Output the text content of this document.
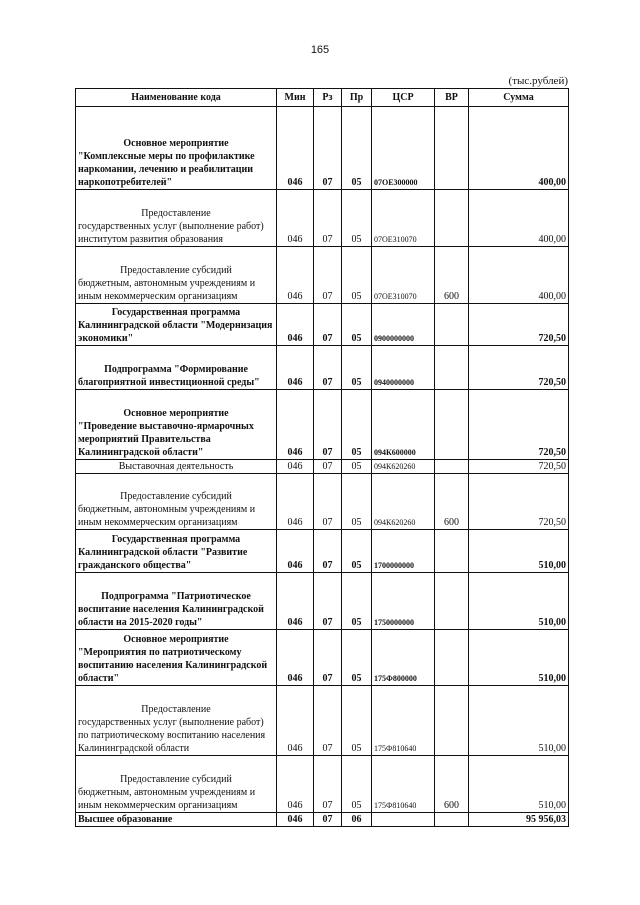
165
(тыс.рублей)
Наименование кода	Мин	Рз	Пр	ЦСР	ВР	Сумма

Основное мероприятие
"Комплексные меры по профилактике наркомании, лечению и реабилитации наркопотребителей"	046	07	05	07ОЕ300000		400,00

Предоставление
государственных услуг (выполнение работ) институтом развития образования	046	07	05	07ОЕ310070		400,00

Предоставление субсидий
бюджетным, автономным учреждениям и иным некоммерческим организациям	046	07	05	07ОЕ310070	600	400,00

Государственная программа
Калининградской области "Модернизация экономики"	046	07	05	0900000000		720,50

Подпрограмма "Формирование
благоприятной инвестиционной среды"	046	07	05	0940000000		720,50

Основное мероприятие
"Проведение выставочно-ярмарочных мероприятий Правительства Калининградской области"	046	07	05	094К600000		720,50

Выставочная деятельность	046	07	05	094К620260		720,50

Предоставление субсидий
бюджетным, автономным учреждениям и иным некоммерческим организациям	046	07	05	094К620260	600	720,50

Государственная программа
Калининградской области "Развитие гражданского общества"	046	07	05	1700000000		510,00

Подпрограмма "Патриотическое
воспитание населения Калининградской области на 2015-2020 годы"	046	07	05	1750000000		510,00

Основное мероприятие
"Мероприятия по патриотическому воспитанию населения Калининградской области"	046	07	05	175Ф800000		510,00

Предоставление
государственных услуг (выполнение работ) по патриотическому воспитанию населения Калининградской области	046	07	05	175Ф810640		510,00

Предоставление субсидий
бюджетным, автономным учреждениям и иным некоммерческим организациям	046	07	05	175Ф810640	600	510,00

Высшее образование	046	07	06			95 956,03
